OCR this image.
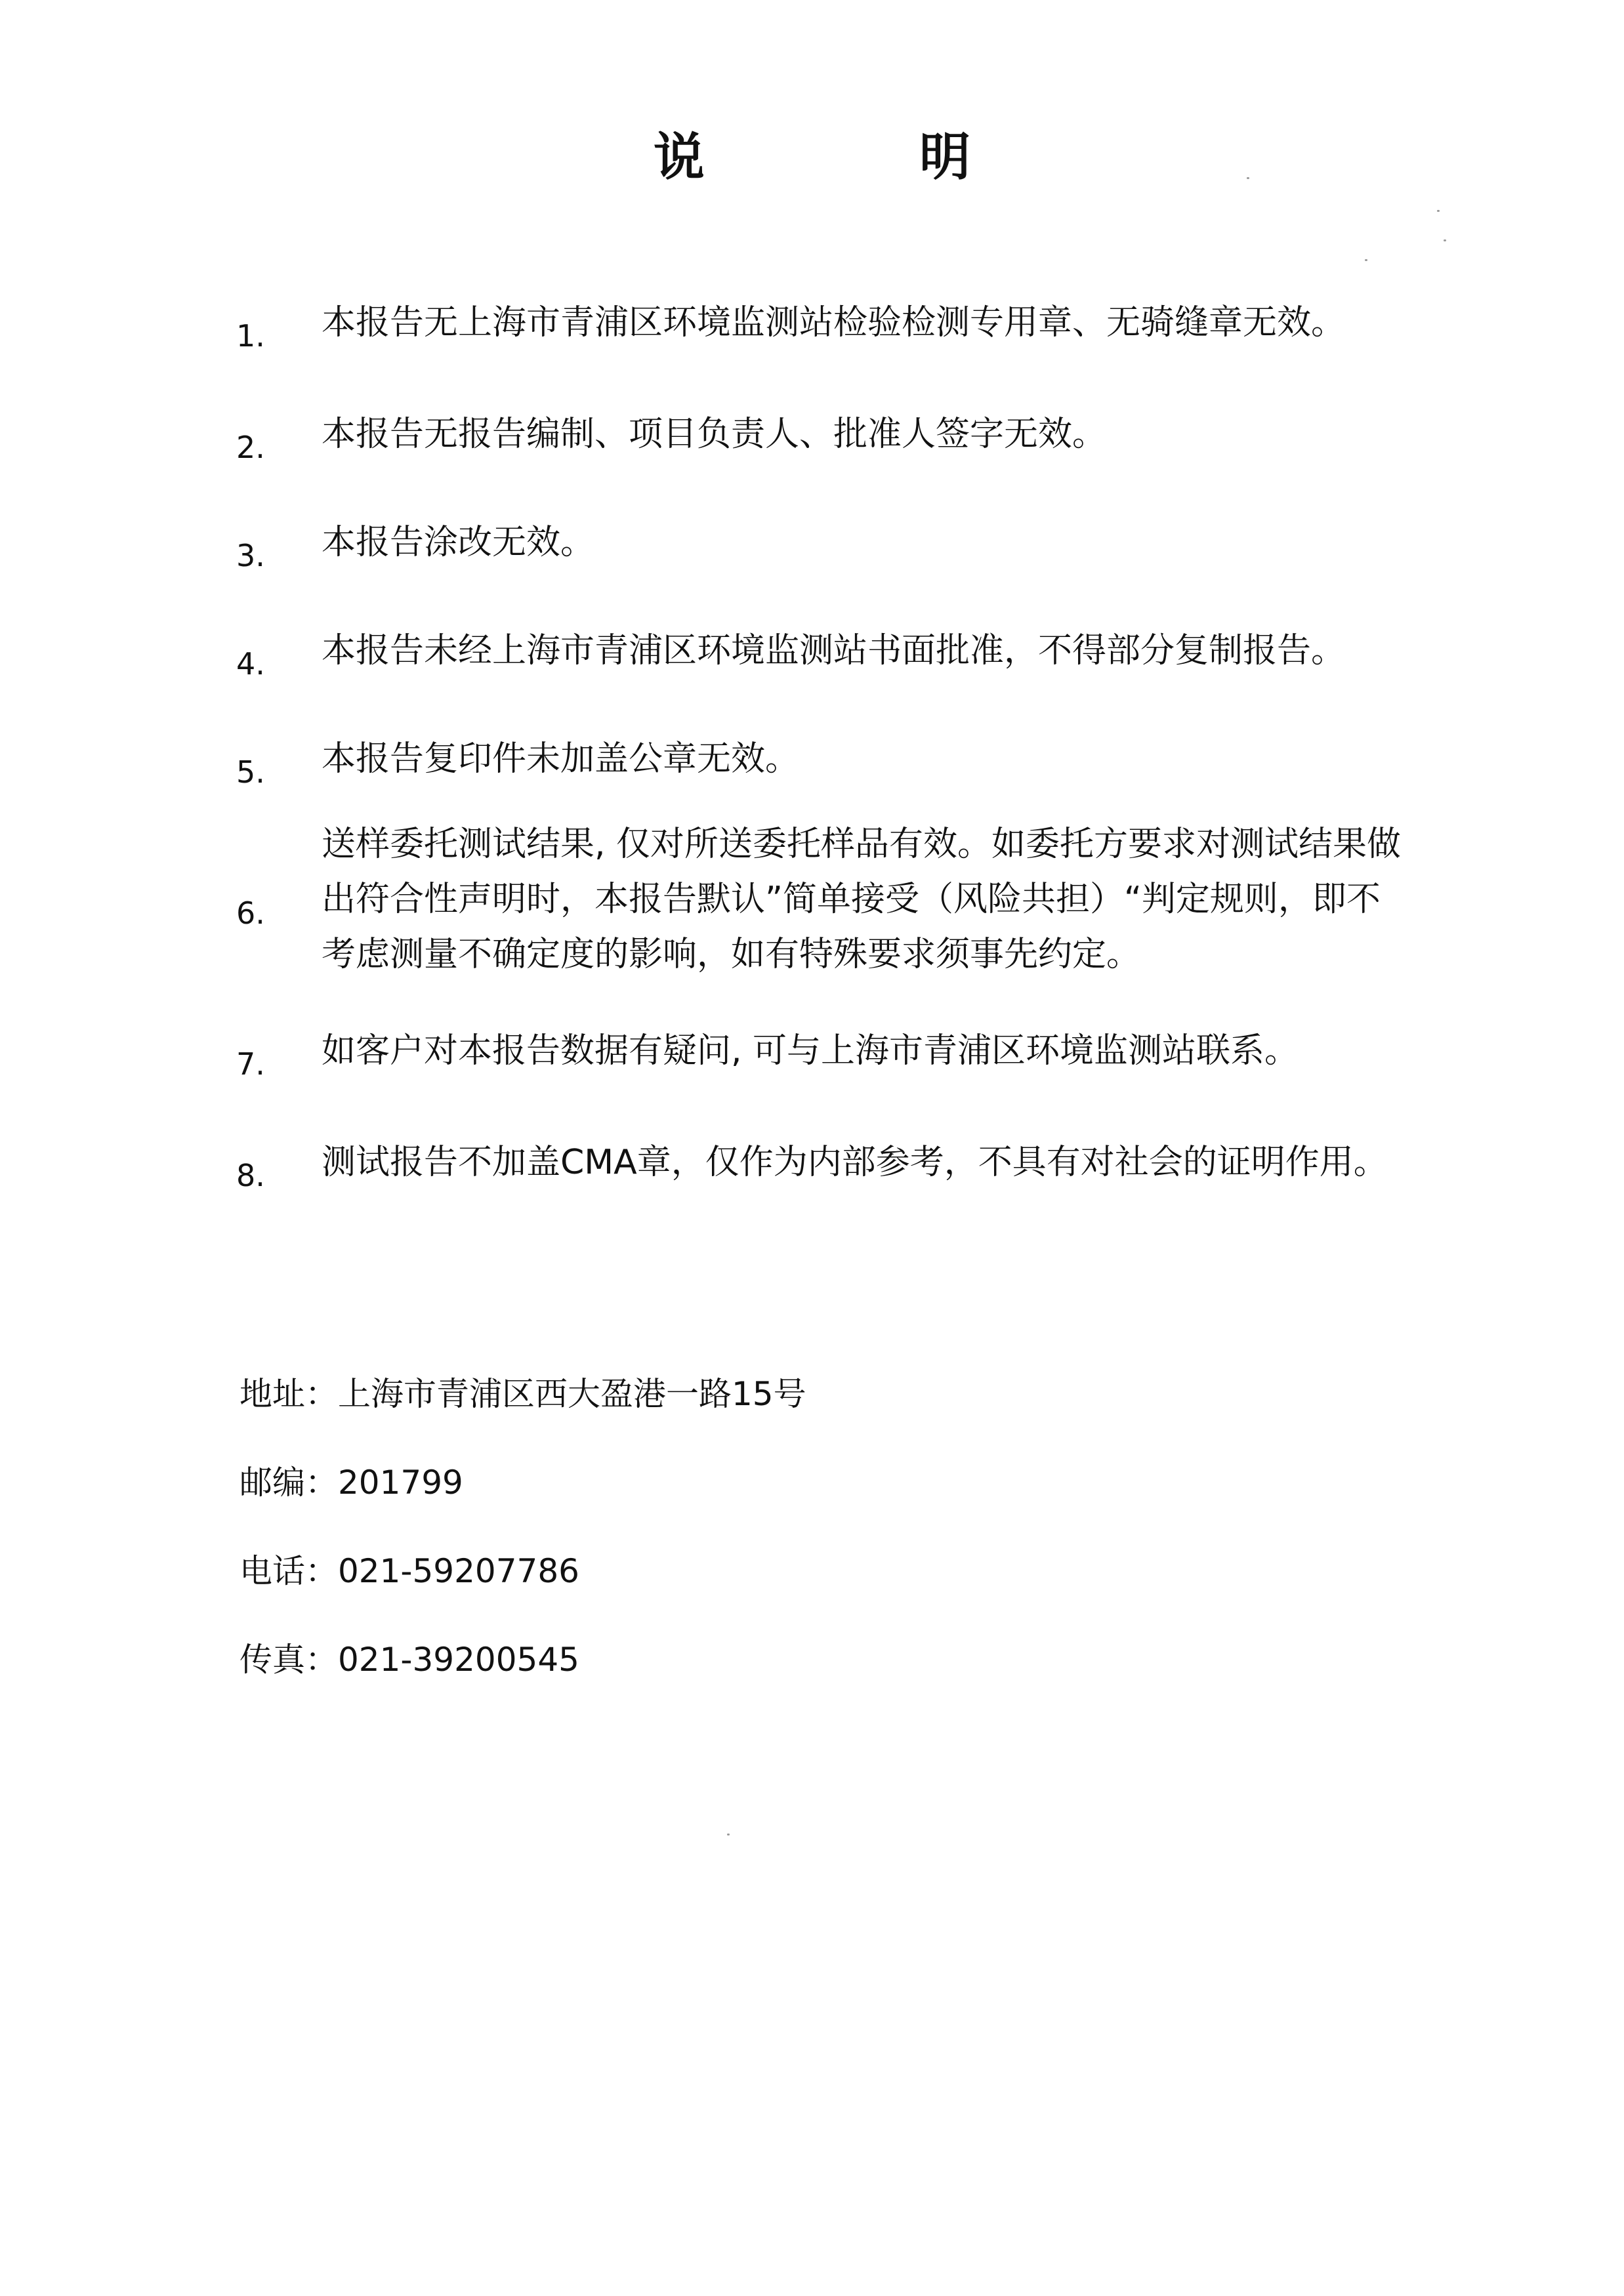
说 明
1.	本报告无上海市青浦区环境监测站检验检测专用章、无骑缝章无效。
2.	本报告无报告编制、项目负责人、批准人签字无效。
3.	本报告涂改无效。
4.	本报告未经上海市青浦区环境监测站书面批准，不得部分复制报告。
5.	本报告复印件未加盖公章无效。
6.
送样委托测试结果, 仅对所送委托样品有效。如委托方要求对测试结果做
出符合性声明时，本报告默认”简单接受（风险共担）“判定规则，即不
考虑测量不确定度的影响，如有特殊要求须事先约定。
7.	如客户对本报告数据有疑问, 可与上海市青浦区环境监测站联系。
8.	测试报告不加盖CMA章，仅作为内部参考，不具有对社会的证明作用。
地址：上海市青浦区西大盈港一路15号
邮编：201799
电话：021-59207786
传真：021-39200545
